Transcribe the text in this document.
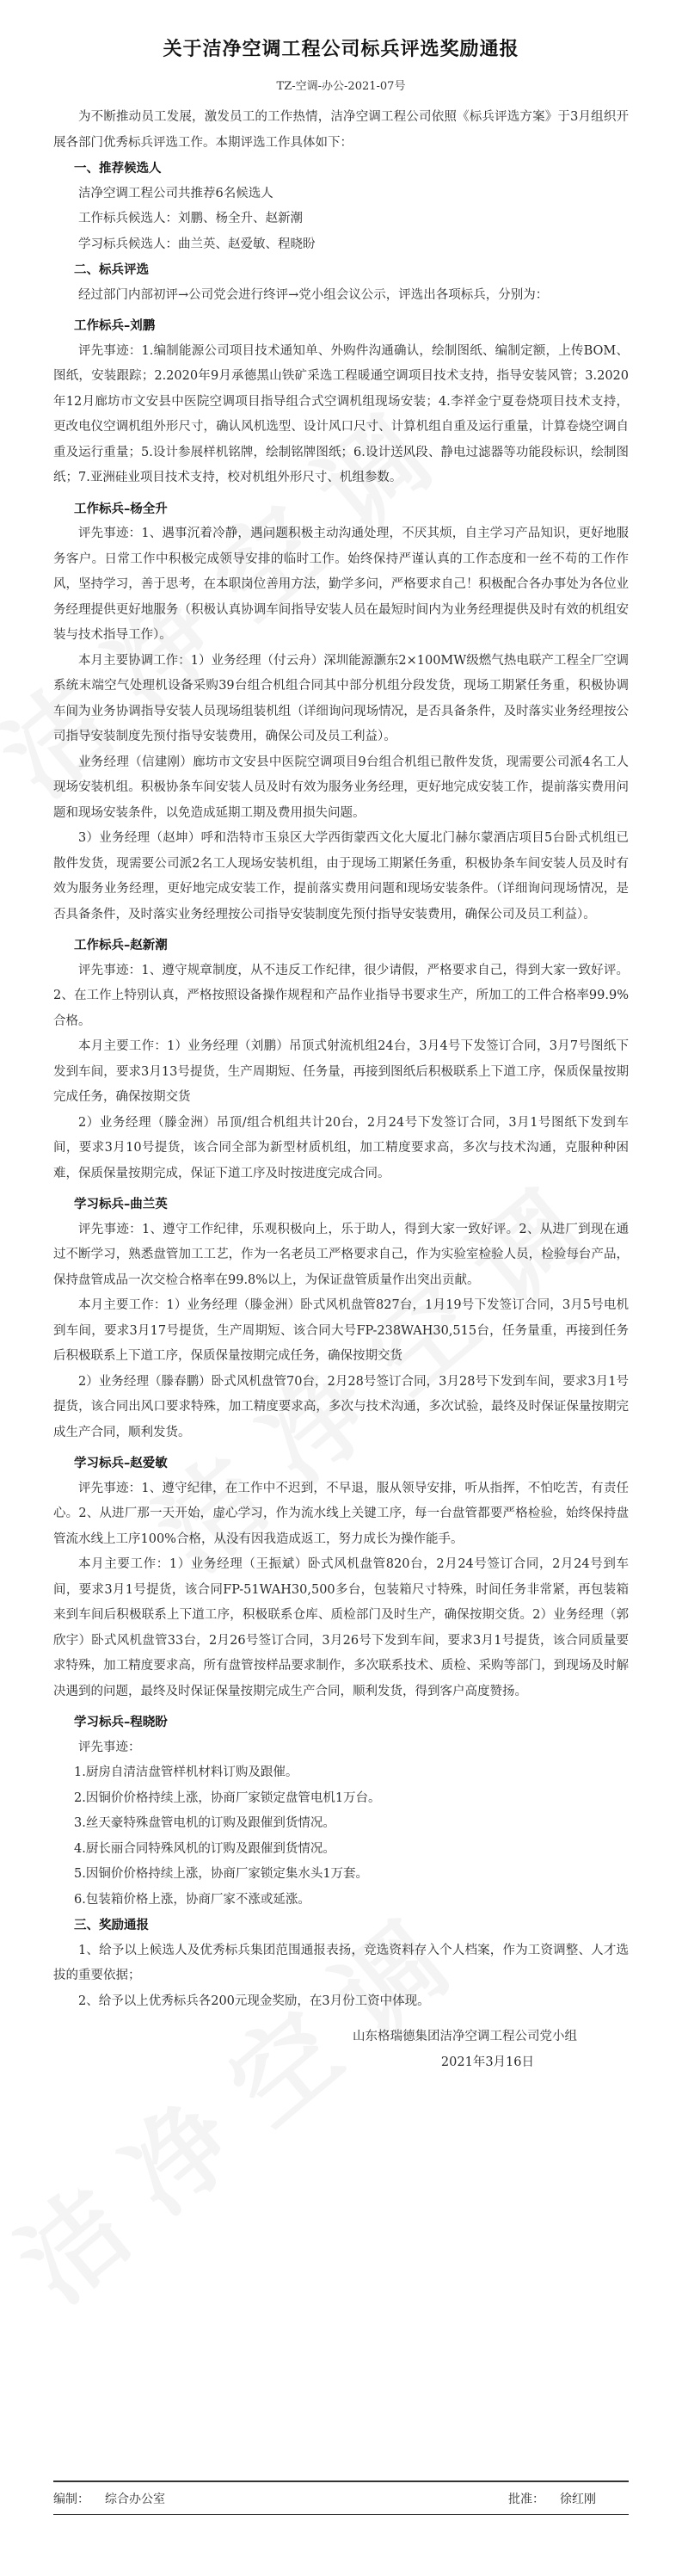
关于洁净空调工程公司标兵评选奖励通报
TZ-空调-办公-2021-07号

为不断推动员工发展，激发员工的工作热情，洁净空调工程公司依照《标兵评选方案》于3月组织开展各部门优秀标兵评选工作。本期评选工作具体如下：

一、推荐候选人

洁净空调工程公司共推荐6名候选人

工作标兵候选人：刘鹏、杨全升、赵新潮

学习标兵候选人：曲兰英、赵爱敏、程晓盼

二、标兵评选

经过部门内部初评→公司党会进行终评→党小组会议公示，评选出各项标兵，分别为：

工作标兵–刘鹏

评先事迹：1.编制能源公司项目技术通知单、外购件沟通确认，绘制图纸、编制定额，上传BOM、图纸，安装跟踪；2.2020年9月承德黑山铁矿采选工程暖通空调项目技术支持，指导安装风管；3.2020年12月廊坊市文安县中医院空调项目指导组合式空调机组现场安装；4.李祥金宁夏卷烧项目技术支持，更改电仪空调机组外形尺寸，确认风机选型、设计风口尺寸、计算机组自重及运行重量，计算卷烧空调自重及运行重量；5.设计参展样机铭牌，绘制铭牌图纸；6.设计送风段、静电过滤器等功能段标识，绘制图纸；7.亚洲硅业项目技术支持，校对机组外形尺寸、机组参数。

工作标兵–杨全升

评先事迹：1、遇事沉着冷静，遇问题积极主动沟通处理，不厌其烦，自主学习产品知识，更好地服务客户。日常工作中积极完成领导安排的临时工作。始终保持严谨认真的工作态度和一丝不苟的工作作风，坚持学习，善于思考，在本职岗位善用方法，勤学多问，严格要求自己！积极配合各办事处为各位业务经理提供更好地服务（积极认真协调车间指导安装人员在最短时间内为业务经理提供及时有效的机组安装与技术指导工作）。

本月主要协调工作：1）业务经理（付云舟）深圳能源灏东2×100MW级燃气热电联产工程全厂空调系统末端空气处理机设备采购39台组合机组合同其中部分机组分段发货，现场工期紧任务重，积极协调车间为业务协调指导安装人员现场组装机组（详细询问现场情况，是否具备条件，及时落实业务经理按公司指导安装制度先预付指导安装费用，确保公司及员工利益）。

业务经理（信建刚）廊坊市文安县中医院空调项目9台组合机组已散件发货，现需要公司派4名工人现场安装机组。积极协条车间安装人员及时有效为服务业务经理，更好地完成安装工作，提前落实费用问题和现场安装条件，以免造成延期工期及费用损失问题。

3）业务经理（赵坤）呼和浩特市玉泉区大学西街蒙西文化大厦北门赫尔蒙酒店项目5台卧式机组已散件发货，现需要公司派2名工人现场安装机组，由于现场工期紧任务重，积极协条车间安装人员及时有效为服务业务经理，更好地完成安装工作，提前落实费用问题和现场安装条件。（详细询问现场情况，是否具备条件，及时落实业务经理按公司指导安装制度先预付指导安装费用，确保公司及员工利益）。

工作标兵–赵新潮

评先事迹：1、遵守规章制度，从不违反工作纪律，很少请假，严格要求自己，得到大家一致好评。2、在工作上特别认真，严格按照设备操作规程和产品作业指导书要求生产，所加工的工件合格率99.9%合格。

本月主要工作：1）业务经理（刘鹏）吊顶式射流机组24台，3月4号下发签订合同，3月7号图纸下发到车间，要求3月13号提货，生产周期短、任务量，再接到图纸后积极联系上下道工序，保质保量按期完成任务，确保按期交货

2）业务经理（滕金洲）吊顶/组合机组共计20台，2月24号下发签订合同，3月1号图纸下发到车间，要求3月10号提货，该合同全部为新型材质机组，加工精度要求高，多次与技术沟通，克服种种困难，保质保量按期完成，保证下道工序及时按进度完成合同。

学习标兵–曲兰英

评先事迹：1、遵守工作纪律，乐观积极向上，乐于助人，得到大家一致好评。2、从进厂到现在通过不断学习，熟悉盘管加工工艺，作为一名老员工严格要求自己，作为实验室检验人员，检验每台产品，保持盘管成品一次交检合格率在99.8%以上，为保证盘管质量作出突出贡献。

本月主要工作：1）业务经理（滕金洲）卧式风机盘管827台，1月19号下发签订合同，3月5号电机到车间，要求3月17号提货，生产周期短、该合同大号FP-238WAH30,515台，任务量重，再接到任务后积极联系上下道工序，保质保量按期完成任务，确保按期交货

2）业务经理（滕春鹏）卧式风机盘管70台，2月28号签订合同，3月28号下发到车间，要求3月1号提货，该合同出风口要求特殊，加工精度要求高，多次与技术沟通，多次试验，最终及时保证保量按期完成生产合同，顺利发货。

学习标兵–赵爱敏

评先事迹：1、遵守纪律，在工作中不迟到，不早退，服从领导安排，听从指挥，不怕吃苦，有责任心。2、从进厂那一天开始，虚心学习，作为流水线上关键工序，每一台盘管都要严格检验，始终保持盘管流水线上工序100%合格，从没有因我造成返工，努力成长为操作能手。

本月主要工作：1）业务经理（王振斌）卧式风机盘管820台，2月24号签订合同，2月24号到车间，要求3月1号提货，该合同FP-51WAH30,500多台，包装箱尺寸特殊，时间任务非常紧，再包装箱来到车间后积极联系上下道工序，积极联系仓库、质检部门及时生产，确保按期交货。2）业务经理（郭欣宇）卧式风机盘管33台，2月26号签订合同，3月26号下发到车间，要求3月1号提货，该合同质量要求特殊，加工精度要求高，所有盘管按样品要求制作，多次联系技术、质检、采购等部门，到现场及时解决遇到的问题，最终及时保证保量按期完成生产合同，顺利发货，得到客户高度赞扬。

学习标兵–程晓盼

评先事迹：

1.厨房自清洁盘管样机材料订购及跟催。

2.因铜价价格持续上涨，协商厂家锁定盘管电机1万台。

3.丝天豪特殊盘管电机的订购及跟催到货情况。

4.厨长丽合同特殊风机的订购及跟催到货情况。

5.因铜价价格持续上涨，协商厂家锁定集水头1万套。

6.包装箱价格上涨，协商厂家不涨或延涨。

三、奖励通报

1、给予以上候选人及优秀标兵集团范围通报表扬，竞选资料存入个人档案，作为工资调整、人才选拔的重要依据；

2、给予以上优秀标兵各200元现金奖励，在3月份工资中体现。

山东格瑞德集团洁净空调工程公司党小组

2021年3月16日

编制： 综合办公室	批准： 徐红刚
